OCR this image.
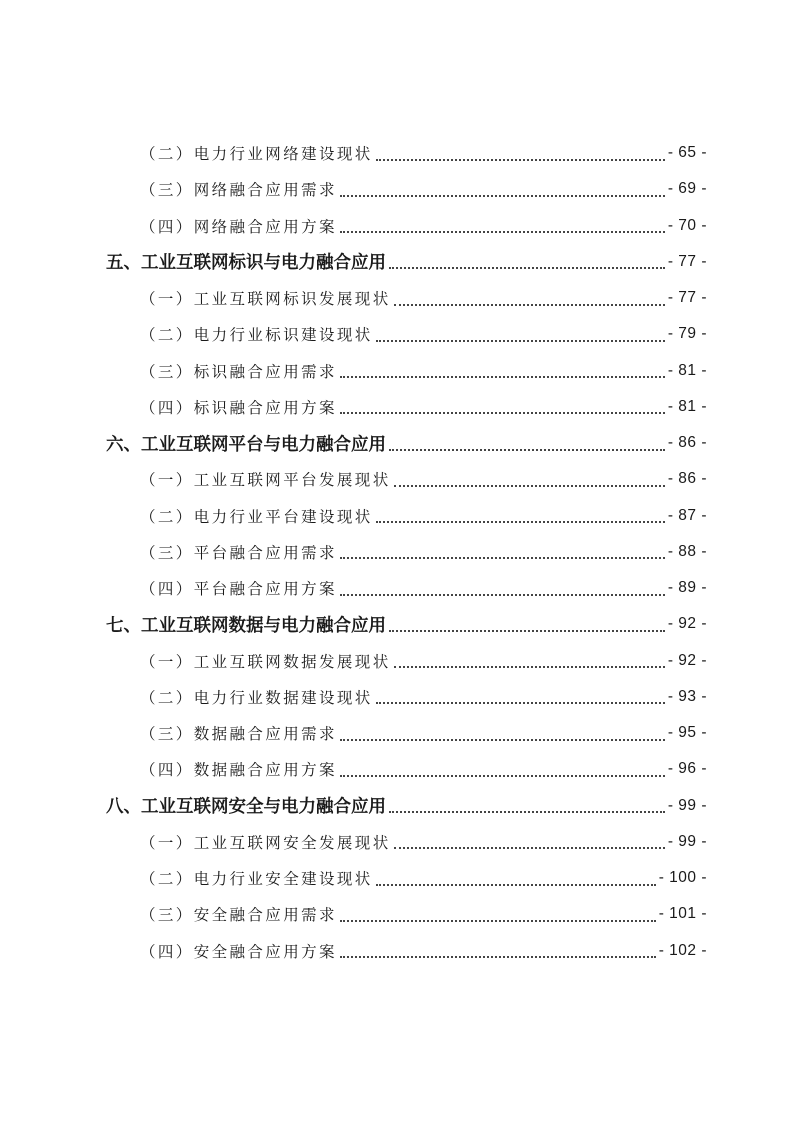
（二）电力行业网络建设现状	- 65 -
（三）网络融合应用需求	- 69 -
（四）网络融合应用方案	- 70 -
五、工业互联网标识与电力融合应用	- 77 -
（一）工业互联网标识发展现状	- 77 -
（二）电力行业标识建设现状	- 79 -
（三）标识融合应用需求	- 81 -
（四）标识融合应用方案	- 81 -
六、工业互联网平台与电力融合应用	- 86 -
（一）工业互联网平台发展现状	- 86 -
（二）电力行业平台建设现状	- 87 -
（三）平台融合应用需求	- 88 -
（四）平台融合应用方案	- 89 -
七、工业互联网数据与电力融合应用	- 92 -
（一）工业互联网数据发展现状	- 92 -
（二）电力行业数据建设现状	- 93 -
（三）数据融合应用需求	- 95 -
（四）数据融合应用方案	- 96 -
八、工业互联网安全与电力融合应用	- 99 -
（一）工业互联网安全发展现状	- 99 -
（二）电力行业安全建设现状	- 100 -
（三）安全融合应用需求	- 101 -
（四）安全融合应用方案	- 102 -
